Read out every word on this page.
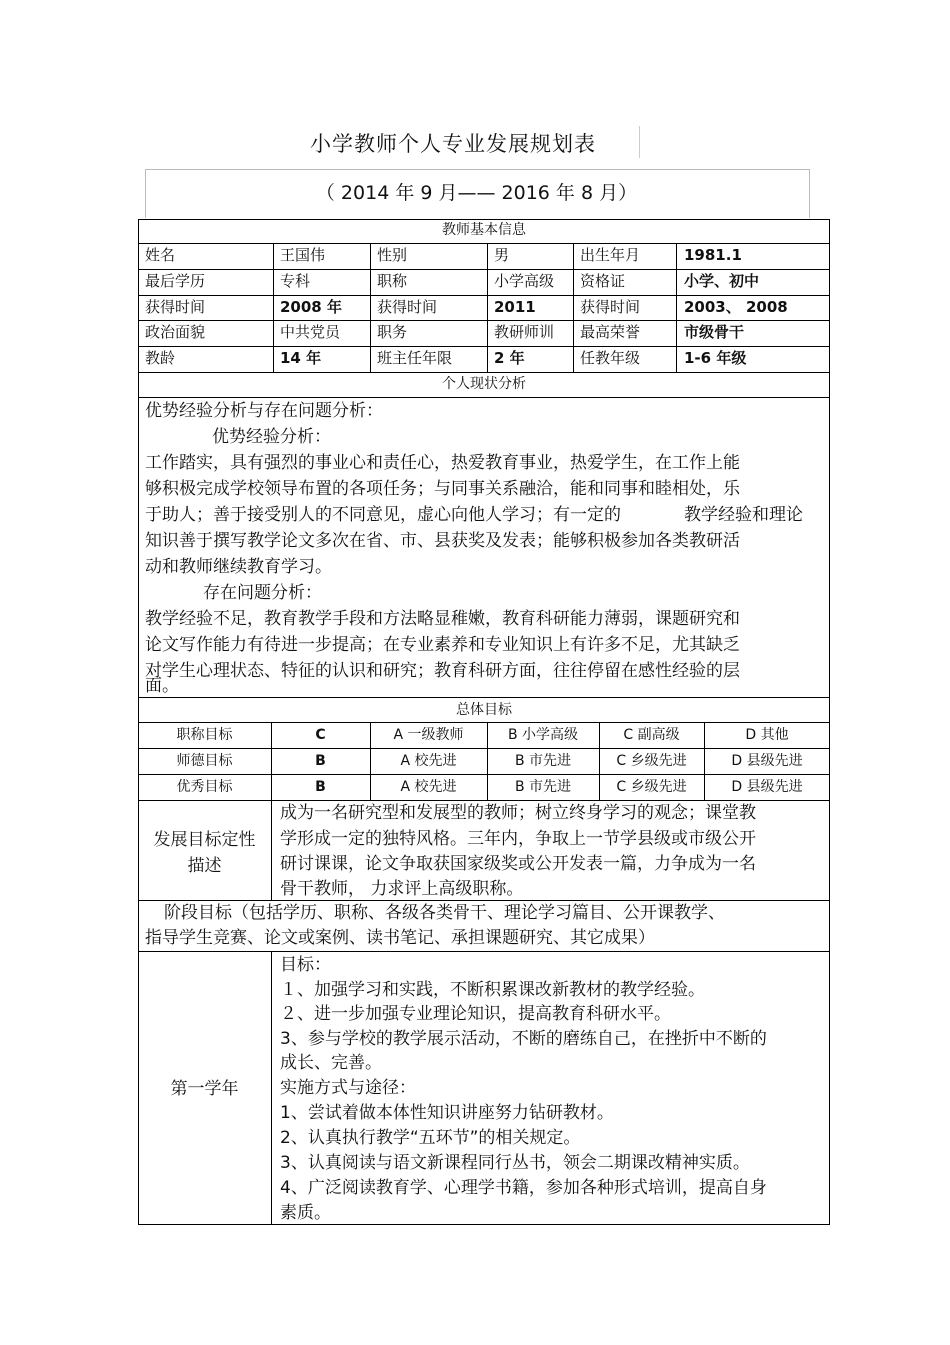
小学教师个人专业发展规划表
（ 2014 年 9 月—— 2016 年 8 月）
教师基本信息
姓名	王国伟	性别	男	出生年月	1981.1
最后学历	专科	职称	小学高级 资格证	小学、初中
获得时间	2008 年 获得时间	2011	获得时间	2003、 2008
政治面貌	中共党员 职务	教研师训 最高荣誉	市级骨干
教龄	14 年	班主任年限	2 年	任教年级	1-6 年级
个人现状分析
优势经验分析与存在问题分析：
优势经验分析：
工作踏实，具有强烈的事业心和责任心，热爱教育事业，热爱学生，在工作上能
够积极完成学校领导布置的各项任务；与同事关系融洽，能和同事和睦相处，乐
于助人；善于接受别人的不同意见，虚心向他人学习；有一定的	教学经验和理论
知识善于撰写教学论文多次在省、市、县获奖及发表；能够积极参加各类教研活
动和教师继续教育学习。
存在问题分析：
教学经验不足，教育教学手段和方法略显稚嫩，教育科研能力薄弱，课题研究和
论文写作能力有待进一步提高；在专业素养和专业知识上有许多不足，尤其缺乏
对学生心理状态、特征的认识和研究；教育科研方面，往往停留在感性经验的层
面。
总体目标
职称目标	C	A 一级教师	B 小学高级	C 副高级	D 其他
师德目标	B	A 校先进	B 市先进	C 乡级先进	D 县级先进
优秀目标	B	A 校先进	B 市先进	C 乡级先进	D 县级先进
发展目标定性
描述
成为一名研究型和发展型的教师；树立终身学习的观念；课堂教
学形成一定的独特风格。三年内，争取上一节学县级或市级公开
研讨课课，论文争取获国家级奖或公开发表一篇，力争成为一名
骨干教师， 力求评上高级职称。
阶段目标（包括学历、职称、各级各类骨干、理论学习篇目、公开课教学、
指导学生竞赛、论文或案例、读书笔记、承担课题研究、其它成果）
第一学年
目标：
１、加强学习和实践，不断积累课改新教材的教学经验。
２、进一步加强专业理论知识，提高教育科研水平。
3、参与学校的教学展示活动，不断的磨练自己，在挫折中不断的
成长、完善。
实施方式与途径：
1、尝试着做本体性知识讲座努力钻研教材。
2、认真执行教学“五环节”的相关规定。
3、认真阅读与语文新课程同行丛书，领会二期课改精神实质。
4、广泛阅读教育学、心理学书籍，参加各种形式培训，提高自身
素质。
